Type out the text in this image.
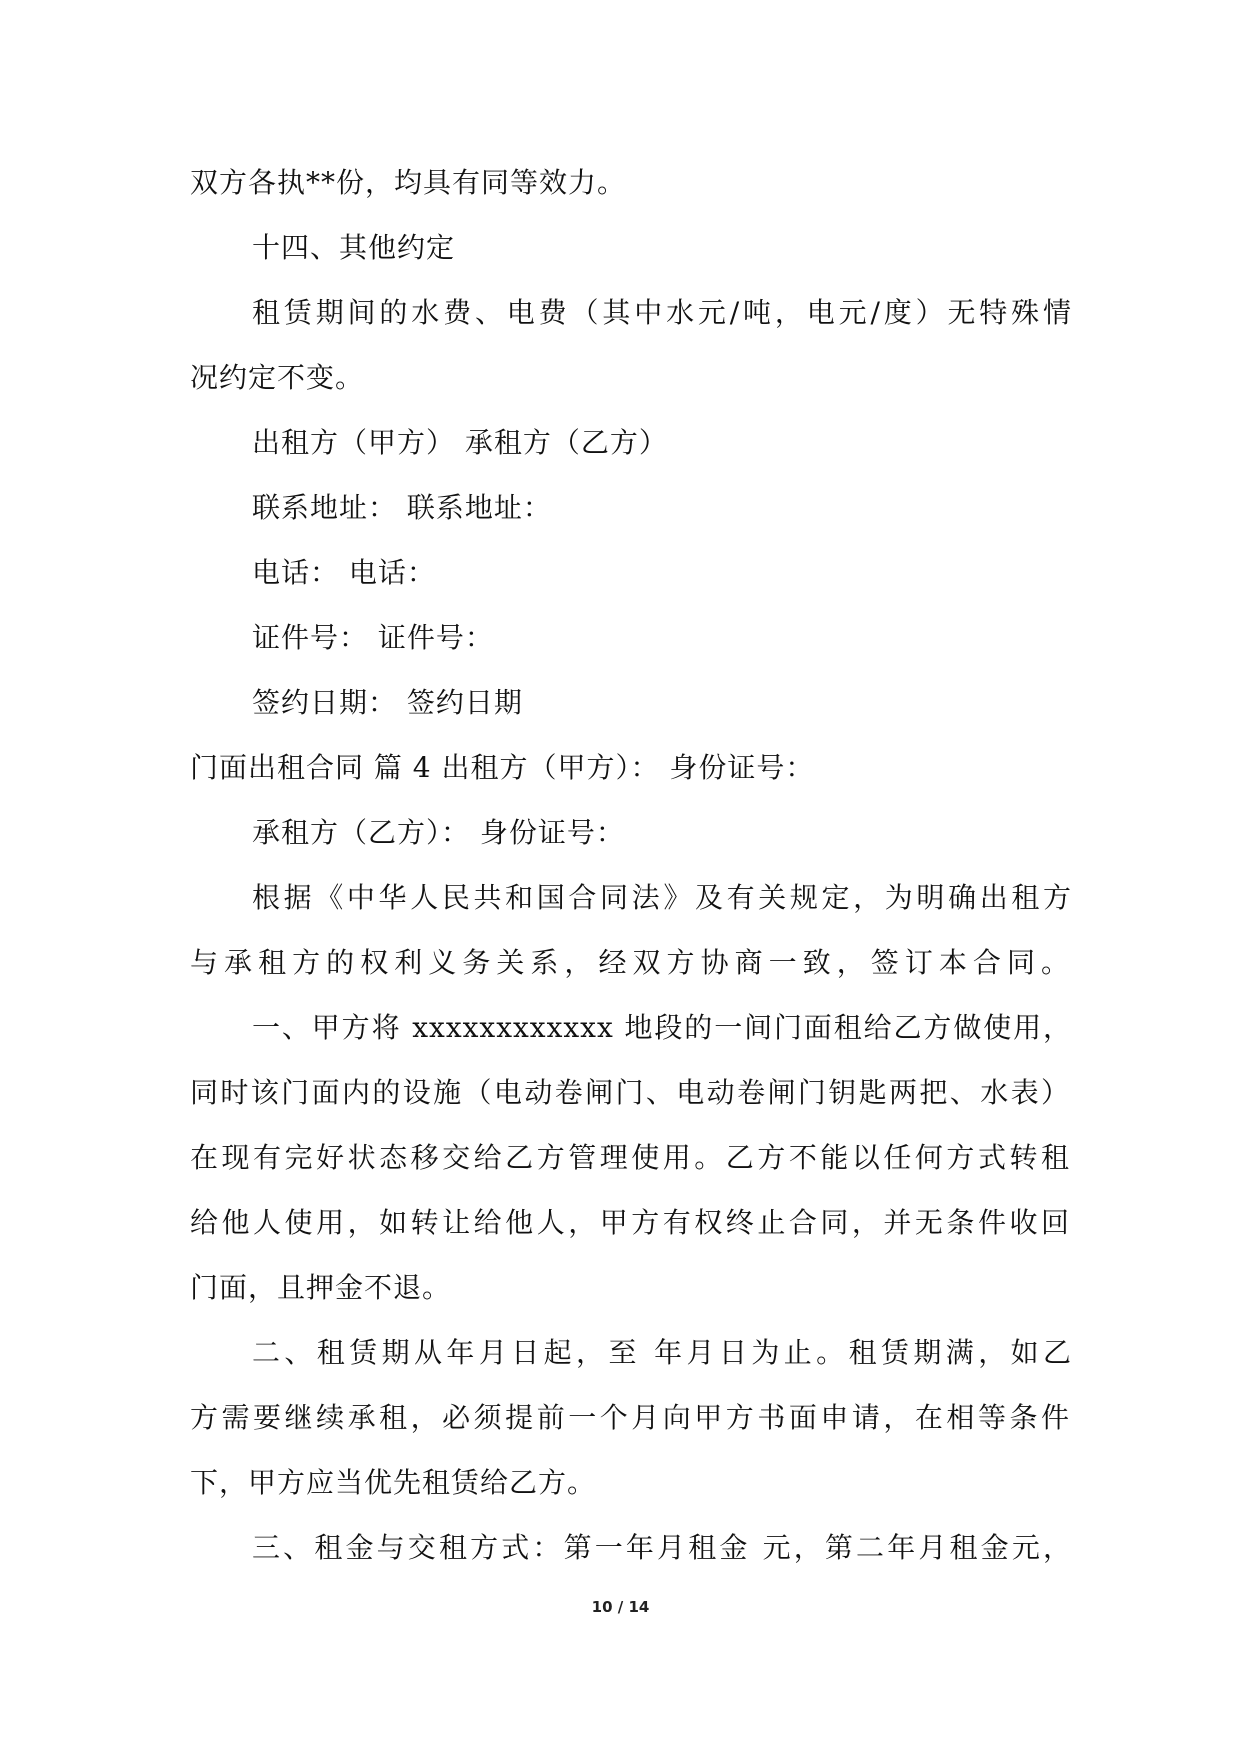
双方各执**份，均具有同等效力。
十四、其他约定
租赁期间的水费、电费（其中水元/吨，电元/度）无特殊情
况约定不变。
出租方（甲方） 承租方（乙方）
联系地址： 联系地址：
电话： 电话：
证件号： 证件号：
签约日期： 签约日期
门面出租合同 篇 4 出租方（甲方）： 身份证号：
承租方（乙方）： 身份证号：
根据《中华人民共和国合同法》及有关规定，为明确出租方
与承租方的权利义务关系，经双方协商一致，签订本合同。
一、甲方将 xxxxxxxxxxxx 地段的一间门面租给乙方做使用，
同时该门面内的设施（电动卷闸门、电动卷闸门钥匙两把、水表）
在现有完好状态移交给乙方管理使用。乙方不能以任何方式转租
给他人使用，如转让给他人，甲方有权终止合同，并无条件收回
门面，且押金不退。
二、租赁期从年月日起，至 年月日为止。租赁期满，如乙
方需要继续承租，必须提前一个月向甲方书面申请，在相等条件
下，甲方应当优先租赁给乙方。
三、租金与交租方式：第一年月租金 元，第二年月租金元，
10 / 14
